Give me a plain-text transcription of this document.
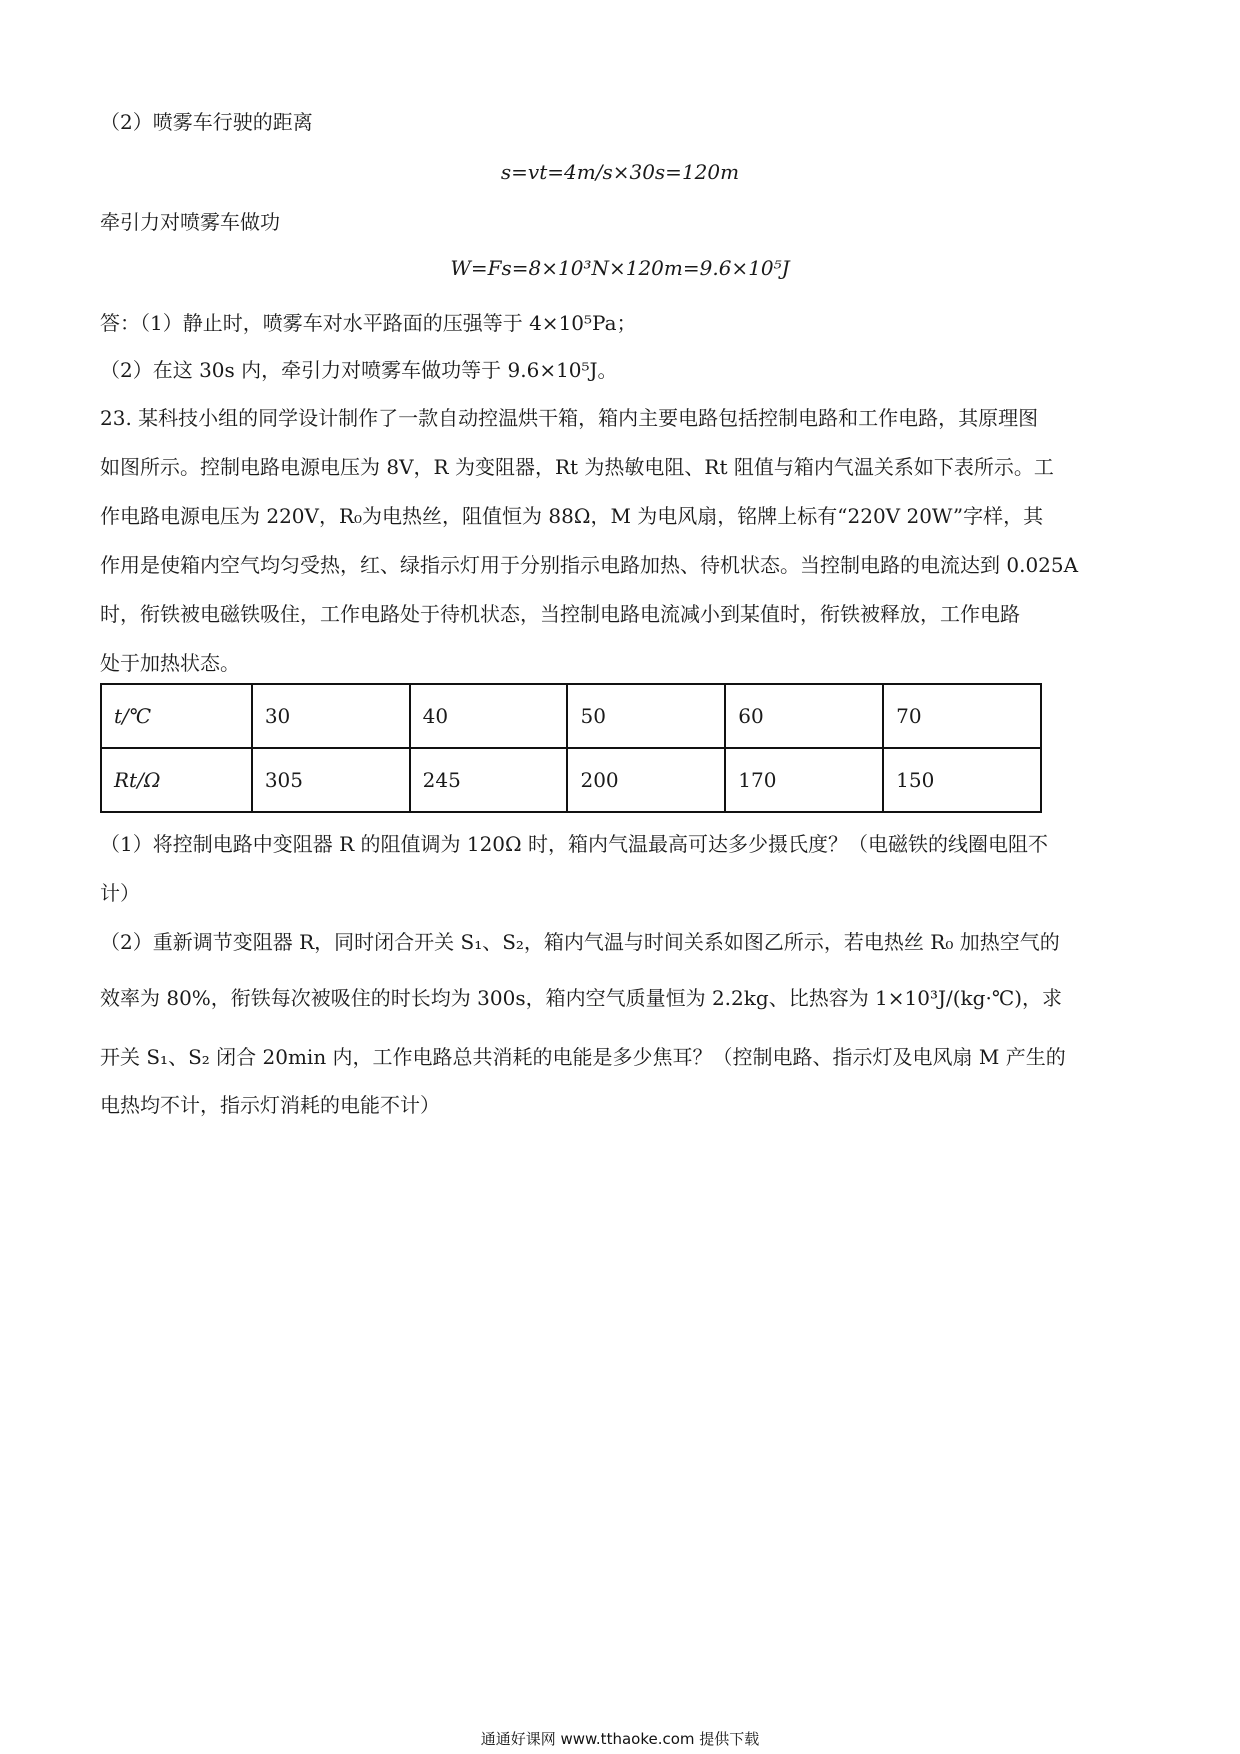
（2）喷雾车行驶的距离
s=vt=4m/s×30s=120m
牵引力对喷雾车做功
W=Fs=8×10³N×120m=9.6×10⁵J
答：（1）静止时，喷雾车对水平路面的压强等于 4×10⁵Pa；
（2）在这 30s 内，牵引力对喷雾车做功等于 9.6×10⁵J。
23. 某科技小组的同学设计制作了一款自动控温烘干箱，箱内主要电路包括控制电路和工作电路，其原理图
如图所示。控制电路电源电压为 8V，R 为变阻器，Rt 为热敏电阻、Rt 阻值与箱内气温关系如下表所示。工
作电路电源电压为 220V，R₀为电热丝，阻值恒为 88Ω，M 为电风扇，铭牌上标有“220V 20W”字样，其
作用是使箱内空气均匀受热，红、绿指示灯用于分别指示电路加热、待机状态。当控制电路的电流达到 0.025A
时，衔铁被电磁铁吸住，工作电路处于待机状态，当控制电路电流减小到某值时，衔铁被释放，工作电路
处于加热状态。
t/℃	30	40	50	60	70
Rt/Ω	305	245	200	170	150
（1）将控制电路中变阻器 R 的阻值调为 120Ω 时，箱内气温最高可达多少摄氏度？（电磁铁的线圈电阻不
计）
（2）重新调节变阻器 R，同时闭合开关 S₁、S₂，箱内气温与时间关系如图乙所示，若电热丝 R₀ 加热空气的
效率为 80%，衔铁每次被吸住的时长均为 300s，箱内空气质量恒为 2.2kg、比热容为 1×10³J/(kg·℃)，求
开关 S₁、S₂ 闭合 20min 内，工作电路总共消耗的电能是多少焦耳？（控制电路、指示灯及电风扇 M 产生的
电热均不计，指示灯消耗的电能不计）
通通好课网 www.tthaoke.com 提供下载
